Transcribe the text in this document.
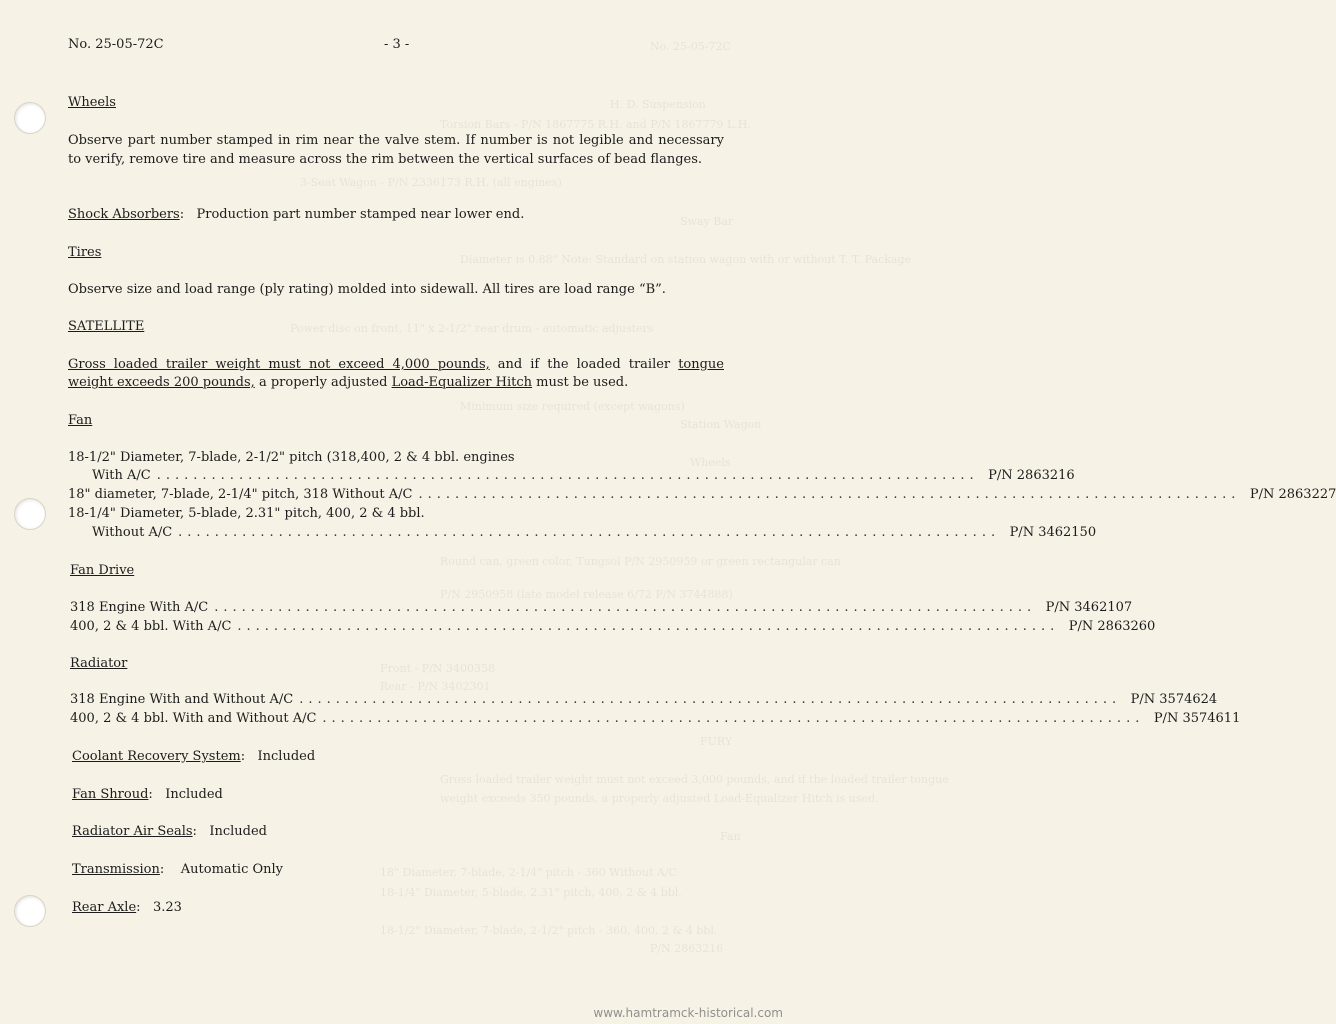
No. 25-05-72C
H. D. Suspension
Torsion Bars - P/N 1867775 R.H. and P/N 1867779 L.H.
3-Seat Wagon - P/N 2336173 R.H. (all engines)
Sway Bar
Diameter is 0.88" Note: Standard on station wagon with or without T. T. Package
Power disc on front, 11" x 2-1/2" rear drum - automatic adjusters
Minimum size required (except wagons)
Station Wagon
Wheels
Round can, green color, Tungsol P/N 2950959 or green rectangular can
P/N 2950958 (late model release 6/72 P/N 3744888)
Front - P/N 3400358
Rear - P/N 3402301
FURY
Gross loaded trailer weight must not exceed 3,000 pounds, and if the loaded trailer tongue
weight exceeds 350 pounds, a properly adjusted Load-Equalizer Hitch is used.
Fan
18" Diameter, 7-blade, 2-1/4" pitch - 360 Without A/C
18-1/4" Diameter, 5-blade, 2.31" pitch, 400, 2 & 4 bbl.
18-1/2" Diameter, 7-blade, 2-1/2" pitch - 360, 400, 2 & 4 bbl.
P/N 2863216
No. 25-05-72C	- 3 -
Wheels
Observe part number stamped in rim near the valve stem. If number is not legible and necessary to verify, remove tire and measure across the rim between the vertical surfaces of bead flanges.
Shock Absorbers:   Production part number stamped near lower end.
Tires
Observe size and load range (ply rating) molded into sidewall. All tires are load range “B”.
SATELLITE
Gross loaded trailer weight must not exceed 4,000 pounds, and if the loaded trailer tongue
weight exceeds 200 pounds, a properly adjusted Load-Equalizer Hitch must be used.
Fan
18-1/2" Diameter, 7-blade, 2-1/2" pitch (318,400, 2 & 4 bbl. engines
With A/C .......................................................................................... P/N 2863216
18" diameter, 7-blade, 2-1/4" pitch, 318 Without A/C .......................................................................................... P/N 2863227
18-1/4" Diameter, 5-blade, 2.31" pitch, 400, 2 & 4 bbl.
Without A/C .......................................................................................... P/N 3462150
Fan Drive
318 Engine With A/C .......................................................................................... P/N 3462107
400, 2 & 4 bbl. With A/C .......................................................................................... P/N 2863260
Radiator
318 Engine With and Without A/C .......................................................................................... P/N 3574624
400, 2 & 4 bbl. With and Without A/C .......................................................................................... P/N 3574611
Coolant Recovery System:   Included
Fan Shroud:   Included
Radiator Air Seals:   Included
Transmission:    Automatic Only
Rear Axle:   3.23
www.hamtramck-historical.com
